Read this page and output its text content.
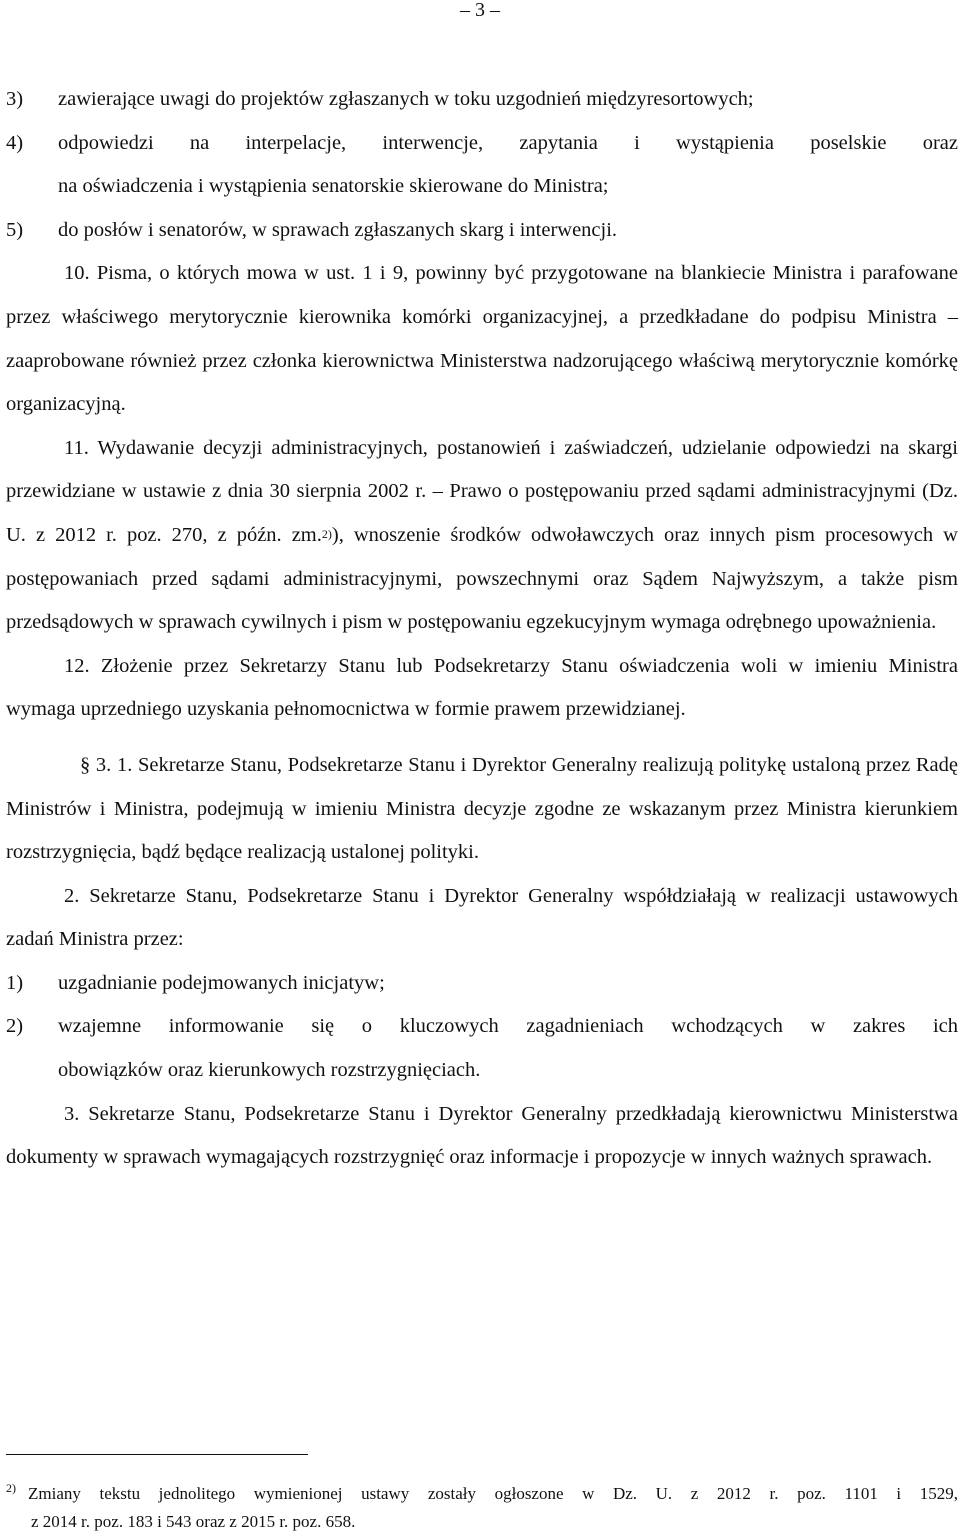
– 3 –
3)	zawierające uwagi do projektów zgłaszanych w toku uzgodnień międzyresortowych;
4)	odpowiedzi na interpelacje, interwencje, zapytania i wystąpienia poselskie oraz
na oświadczenia i wystąpienia senatorskie skierowane do Ministra;
5)	do posłów i senatorów, w sprawach zgłaszanych skarg i interwencji.

10. Pisma, o których mowa w ust. 1 i 9, powinny być przygotowane na blankiecie Ministra i parafowane przez właściwego merytorycznie kierownika komórki organizacyjnej, a przedkładane do podpisu Ministra – zaaprobowane również przez członka kierownictwa Ministerstwa nadzorującego właściwą merytorycznie komórkę organizacyjną.

11. Wydawanie decyzji administracyjnych, postanowień i zaświadczeń, udzielanie odpowiedzi na skargi przewidziane w ustawie z dnia 30 sierpnia 2002 r. – Prawo o postępowaniu przed sądami administracyjnymi (Dz. U. z 2012 r. poz. 270, z późn. zm.$^{2)}$), wnoszenie środków odwoławczych oraz innych pism procesowych w postępowaniach przed sądami administracyjnymi, powszechnymi oraz Sądem Najwyższym, a także pism przedsądowych w sprawach cywilnych i pism w postępowaniu egzekucyjnym wymaga odrębnego upoważnienia.

12. Złożenie przez Sekretarzy Stanu lub Podsekretarzy Stanu oświadczenia woli w imieniu Ministra wymaga uprzedniego uzyskania pełnomocnictwa w formie prawem przewidzianej.

§ 3. 1. Sekretarze Stanu, Podsekretarze Stanu i Dyrektor Generalny realizują politykę ustaloną przez Radę Ministrów i Ministra, podejmują w imieniu Ministra decyzje zgodne ze wskazanym przez Ministra kierunkiem rozstrzygnięcia, bądź będące realizacją ustalonej polityki.

2. Sekretarze Stanu, Podsekretarze Stanu i Dyrektor Generalny współdziałają w realizacji ustawowych zadań Ministra przez:

1)	uzgadnianie podejmowanych inicjatyw;
2)	wzajemne informowanie się o kluczowych zagadnieniach wchodzących w zakres ich
obowiązków oraz kierunkowych rozstrzygnięciach.

3. Sekretarze Stanu, Podsekretarze Stanu i Dyrektor Generalny przedkładają kierownictwu Ministerstwa dokumenty w sprawach wymagających rozstrzygnięć oraz informacje i propozycje w innych ważnych sprawach.

2) Zmiany tekstu jednolitego wymienionej ustawy zostały ogłoszone w Dz. U. z 2012 r. poz. 1101 i 1529,
z 2014 r. poz. 183 i 543 oraz z 2015 r. poz. 658.
